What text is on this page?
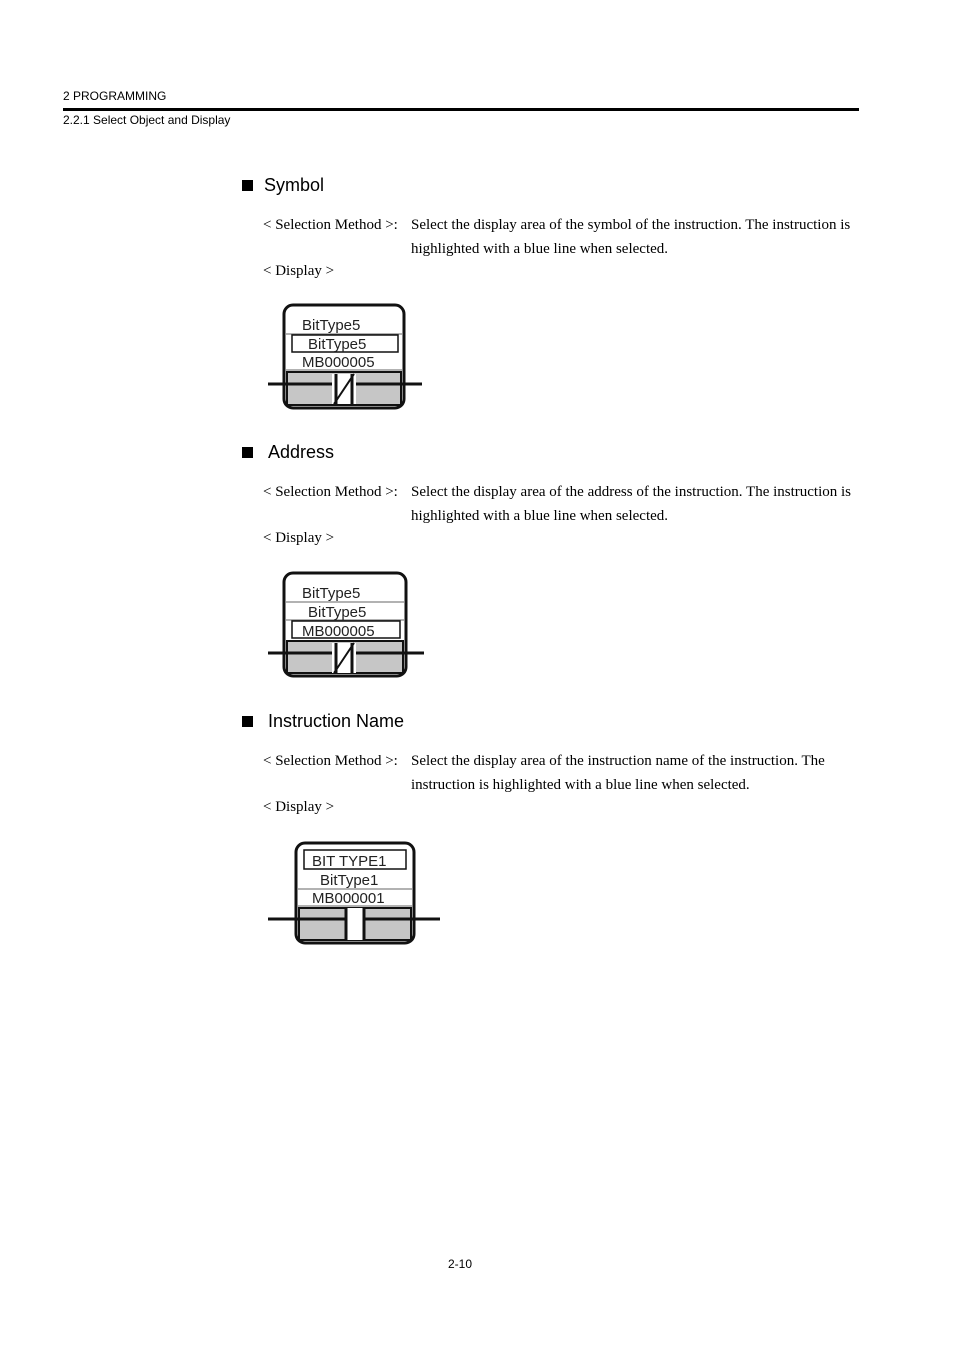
2 PROGRAMMING
2.2.1 Select Object and Display
Symbol
< Selection Method >: Select the display area of the symbol of the instruction. The instruction is highlighted with a blue line when selected.
< Display >
BitType5
BitType5
MB000005
Address
< Selection Method >: Select the display area of the address of the instruction. The instruction is highlighted with a blue line when selected.
< Display >
BitType5
BitType5
MB000005
Instruction Name
< Selection Method >: Select the display area of the instruction name of the instruction. The instruction is highlighted with a blue line when selected.
< Display >
BIT TYPE1
BitType1
MB000001
2-10
